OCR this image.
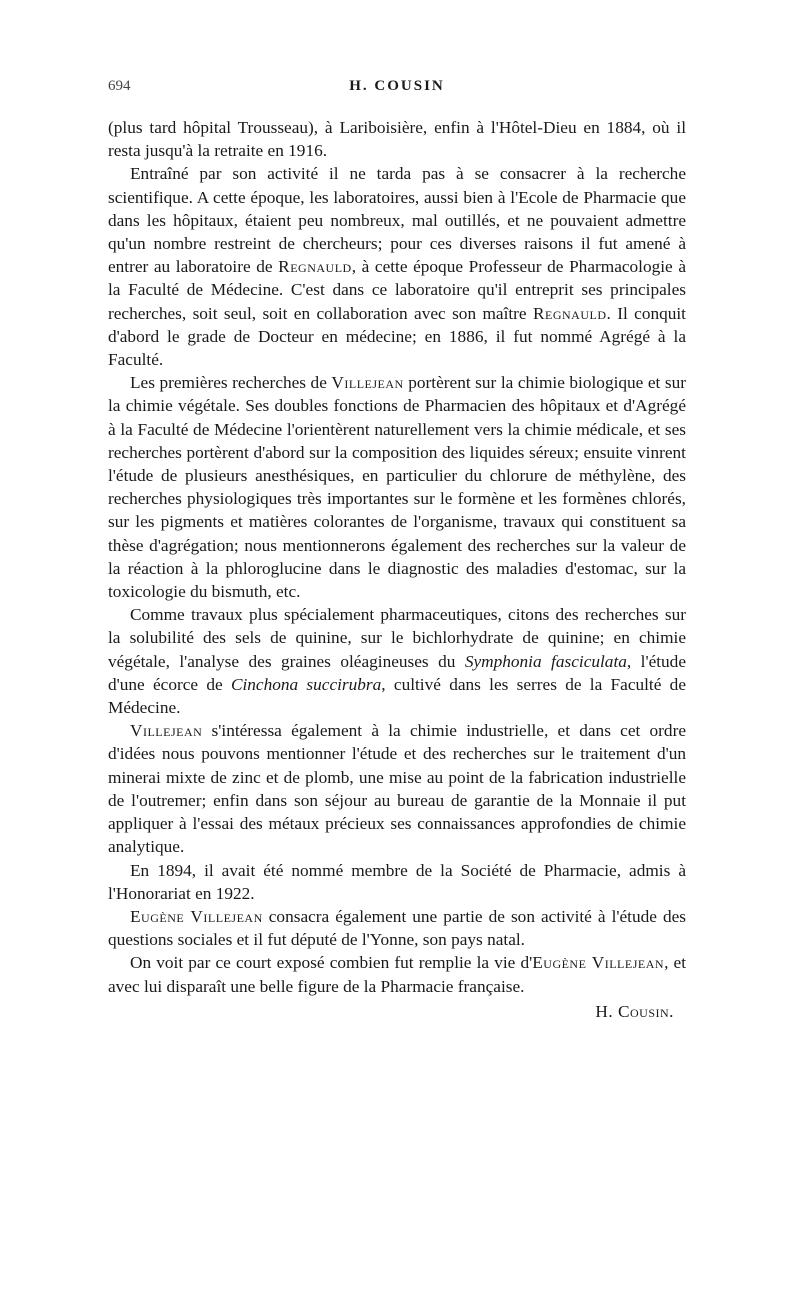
694	H. COUSIN

(plus tard hôpital Trousseau), à Lariboisière, enfin à l'Hôtel-Dieu en 1884, où il resta jusqu'à la retraite en 1916.

Entraîné par son activité il ne tarda pas à se consacrer à la recherche scientifique. A cette époque, les laboratoires, aussi bien à l'Ecole de Pharmacie que dans les hôpitaux, étaient peu nombreux, mal outillés, et ne pouvaient admettre qu'un nombre restreint de chercheurs; pour ces diverses raisons il fut amené à entrer au laboratoire de Regnauld, à cette époque Professeur de Pharmacologie à la Faculté de Médecine. C'est dans ce laboratoire qu'il entreprit ses principales recherches, soit seul, soit en collaboration avec son maître Regnauld. Il conquit d'abord le grade de Docteur en médecine; en 1886, il fut nommé Agrégé à la Faculté.

Les premières recherches de Villejean portèrent sur la chimie biologique et sur la chimie végétale. Ses doubles fonctions de Pharmacien des hôpitaux et d'Agrégé à la Faculté de Médecine l'orientèrent naturellement vers la chimie médicale, et ses recherches portèrent d'abord sur la composition des liquides séreux; ensuite vinrent l'étude de plusieurs anesthésiques, en particulier du chlorure de méthylène, des recherches physiologiques très importantes sur le formène et les formènes chlorés, sur les pigments et matières colorantes de l'organisme, travaux qui constituent sa thèse d'agrégation; nous mentionnerons également des recherches sur la valeur de la réaction à la phloroglucine dans le diagnostic des maladies d'estomac, sur la toxicologie du bismuth, etc.

Comme travaux plus spécialement pharmaceutiques, citons des recherches sur la solubilité des sels de quinine, sur le bichlorhydrate de quinine; en chimie végétale, l'analyse des graines oléagineuses du Symphonia fasciculata, l'étude d'une écorce de Cinchona succirubra, cultivé dans les serres de la Faculté de Médecine.

Villejean s'intéressa également à la chimie industrielle, et dans cet ordre d'idées nous pouvons mentionner l'étude et des recherches sur le traitement d'un minerai mixte de zinc et de plomb, une mise au point de la fabrication industrielle de l'outremer; enfin dans son séjour au bureau de garantie de la Monnaie il put appliquer à l'essai des métaux précieux ses connaissances approfondies de chimie analytique.

En 1894, il avait été nommé membre de la Société de Pharmacie, admis à l'Honorariat en 1922.

Eugène Villejean consacra également une partie de son activité à l'étude des questions sociales et il fut député de l'Yonne, son pays natal.

On voit par ce court exposé combien fut remplie la vie d'Eugène Villejean, et avec lui disparaît une belle figure de la Pharmacie française.

H. Cousin.
